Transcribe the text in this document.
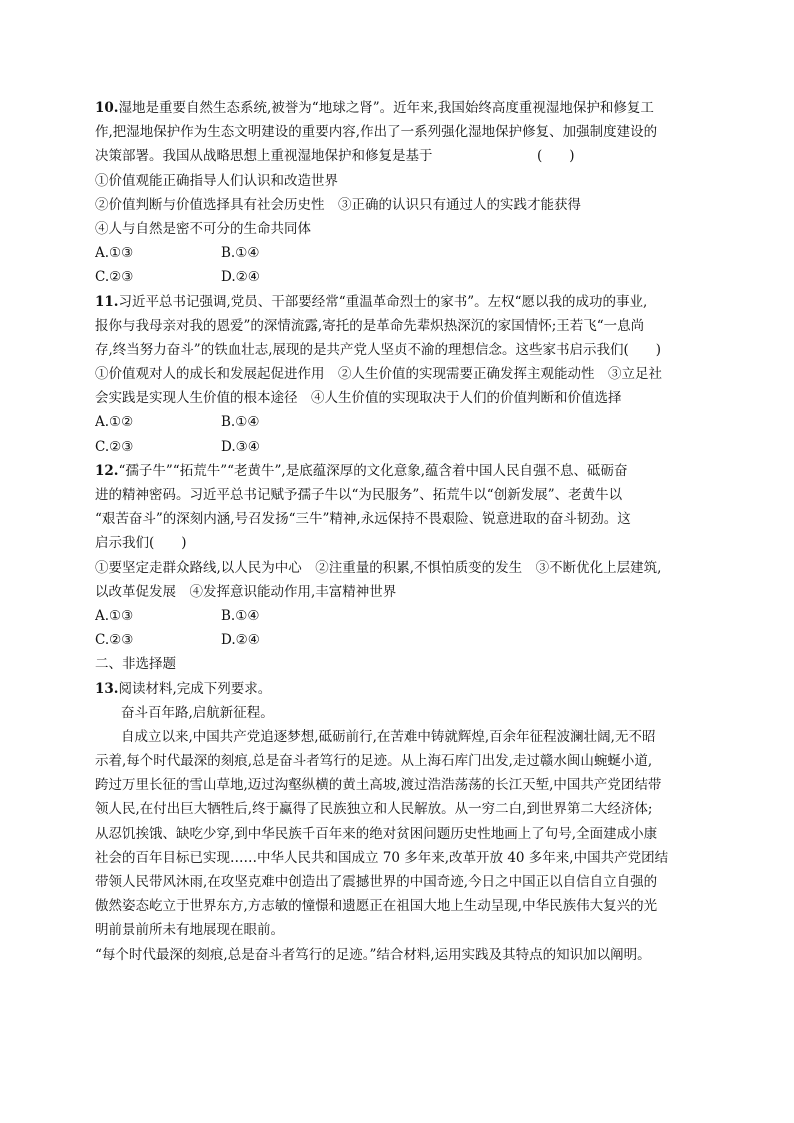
10.湿地是重要自然生态系统,被誉为“地球之肾”。近年来,我国始终高度重视湿地保护和修复工
作,把湿地保护作为生态文明建设的重要内容,作出了一系列强化湿地保护修复、加强制度建设的
决策部署。我国从战略思想上重视湿地保护和修复是基于	(　　)
①价值观能正确指导人们认识和改造世界
②价值判断与价值选择具有社会历史性　③正确的认识只有通过人的实践才能获得
④人与自然是密不可分的生命共同体
A.①③	B.①④
C.②③	D.②④
11.习近平总书记强调,党员、干部要经常“重温革命烈士的家书”。左权“愿以我的成功的事业,
报你与我母亲对我的恩爱”的深情流露,寄托的是革命先辈炽热深沉的家国情怀;王若飞“一息尚
存,终当努力奋斗”的铁血壮志,展现的是共产党人坚贞不渝的理想信念。这些家书启示我们(　　)
①价值观对人的成长和发展起促进作用　②人生价值的实现需要正确发挥主观能动性　③立足社
会实践是实现人生价值的根本途径　④人生价值的实现取决于人们的价值判断和价值选择
A.①②	B.①④
C.②③	D.③④
12.“孺子牛”“拓荒牛”“老黄牛”,是底蕴深厚的文化意象,蕴含着中国人民自强不息、砥砺奋
进的精神密码。习近平总书记赋予孺子牛以“为民服务”、拓荒牛以“创新发展”、老黄牛以
“艰苦奋斗”的深刻内涵,号召发扬“三牛”精神,永远保持不畏艰险、锐意进取的奋斗韧劲。这
启示我们(　　)
①要坚定走群众路线,以人民为中心　②注重量的积累,不惧怕质变的发生　③不断优化上层建筑,
以改革促发展　④发挥意识能动作用,丰富精神世界
A.①③	B.①④
C.②③	D.②④
二、非选择题
13.阅读材料,完成下列要求。
奋斗百年路,启航新征程。
自成立以来,中国共产党追逐梦想,砥砺前行,在苦难中铸就辉煌,百余年征程波澜壮阔,无不昭
示着,每个时代最深的刻痕,总是奋斗者笃行的足迹。从上海石库门出发,走过赣水闽山蜿蜒小道,
跨过万里长征的雪山草地,迈过沟壑纵横的黄土高坡,渡过浩浩荡荡的长江天堑,中国共产党团结带
领人民,在付出巨大牺牲后,终于赢得了民族独立和人民解放。从一穷二白,到世界第二大经济体;
从忍饥挨饿、缺吃少穿,到中华民族千百年来的绝对贫困问题历史性地画上了句号,全面建成小康
社会的百年目标已实现……中华人民共和国成立 70 多年来,改革开放 40 多年来,中国共产党团结
带领人民带风沐雨,在攻坚克难中创造出了震撼世界的中国奇迹,今日之中国正以自信自立自强的
傲然姿态屹立于世界东方,方志敏的憧憬和遗愿正在祖国大地上生动呈现,中华民族伟大复兴的光
明前景前所未有地展现在眼前。
“每个时代最深的刻痕,总是奋斗者笃行的足迹。”结合材料,运用实践及其特点的知识加以阐明。
